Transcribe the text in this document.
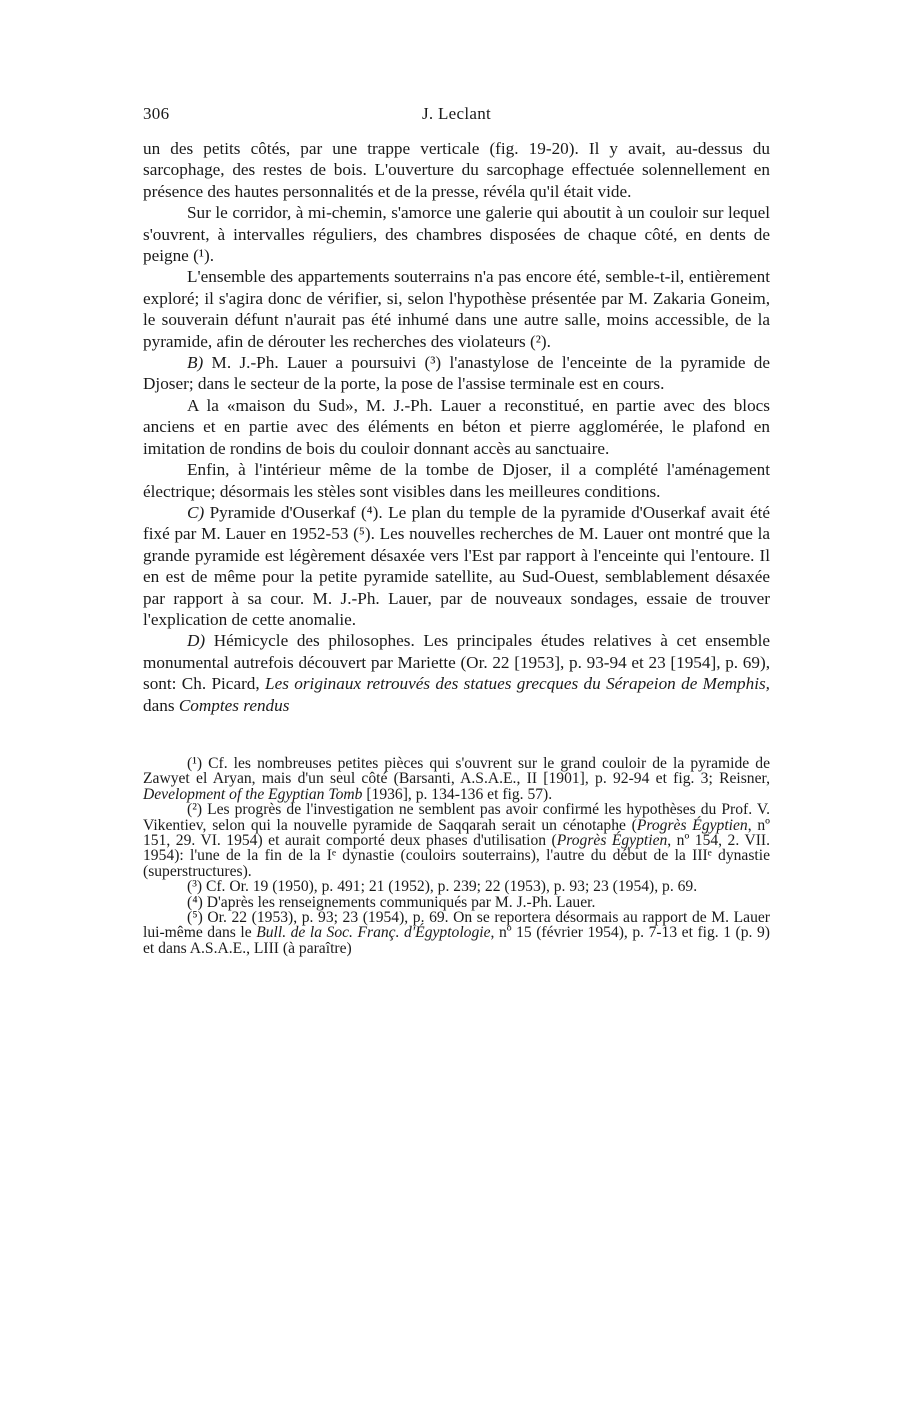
306	J. Leclant

un des petits côtés, par une trappe verticale (fig. 19-20). Il y avait, au-dessus du sarcophage, des restes de bois. L'ouverture du sarcophage effectuée solennellement en présence des hautes personnalités et de la presse, révéla qu'il était vide.

Sur le corridor, à mi-chemin, s'amorce une galerie qui aboutit à un couloir sur lequel s'ouvrent, à intervalles réguliers, des chambres disposées de chaque côté, en dents de peigne (¹).

L'ensemble des appartements souterrains n'a pas encore été, semble-t-il, entièrement exploré; il s'agira donc de vérifier, si, selon l'hypothèse présentée par M. Zakaria Goneim, le souverain défunt n'aurait pas été inhumé dans une autre salle, moins accessible, de la pyramide, afin de dérouter les recherches des violateurs (²).

B) M. J.-Ph. Lauer a poursuivi (³) l'anastylose de l'enceinte de la pyramide de Djoser; dans le secteur de la porte, la pose de l'assise terminale est en cours.

A la «maison du Sud», M. J.-Ph. Lauer a reconstitué, en partie avec des blocs anciens et en partie avec des éléments en béton et pierre agglomérée, le plafond en imitation de rondins de bois du couloir donnant accès au sanctuaire.

Enfin, à l'intérieur même de la tombe de Djoser, il a complété l'aménagement électrique; désormais les stèles sont visibles dans les meilleures conditions.

C) Pyramide d'Ouserkaf (⁴). Le plan du temple de la pyramide d'Ouserkaf avait été fixé par M. Lauer en 1952-53 (⁵). Les nouvelles recherches de M. Lauer ont montré que la grande pyramide est légèrement désaxée vers l'Est par rapport à l'enceinte qui l'entoure. Il en est de même pour la petite pyramide satellite, au Sud-Ouest, semblablement désaxée par rapport à sa cour. M. J.-Ph. Lauer, par de nouveaux sondages, essaie de trouver l'explication de cette anomalie.

D) Hémicycle des philosophes. Les principales études relatives à cet ensemble monumental autrefois découvert par Mariette (Or. 22 [1953], p. 93-94 et 23 [1954], p. 69), sont: Ch. Picard, Les originaux retrouvés des statues grecques du Sérapeion de Memphis, dans Comptes rendus

(¹) Cf. les nombreuses petites pièces qui s'ouvrent sur le grand couloir de la pyramide de Zawyet el Aryan, mais d'un seul côté (Barsanti, A.S.A.E., II [1901], p. 92-94 et fig. 3; Reisner, Development of the Egyptian Tomb [1936], p. 134-136 et fig. 57).

(²) Les progrès de l'investigation ne semblent pas avoir confirmé les hypothèses du Prof. V. Vikentiev, selon qui la nouvelle pyramide de Saqqarah serait un cénotaphe (Progrès Égyptien, nº 151, 29. VI. 1954) et aurait comporté deux phases d'utilisation (Progrès Égyptien, nº 154, 2. VII. 1954): l'une de la fin de la Iᵉ dynastie (couloirs souterrains), l'autre du début de la IIIᵉ dynastie (superstructures).

(³) Cf. Or. 19 (1950), p. 491; 21 (1952), p. 239; 22 (1953), p. 93; 23 (1954), p. 69.

(⁴) D'après les renseignements communiqués par M. J.-Ph. Lauer.

(⁵) Or. 22 (1953), p. 93; 23 (1954), p. 69. On se reportera désormais au rapport de M. Lauer lui-même dans le Bull. de la Soc. Franç. d'Égyptologie, nº 15 (février 1954), p. 7-13 et fig. 1 (p. 9) et dans A.S.A.E., LIII (à paraître)
